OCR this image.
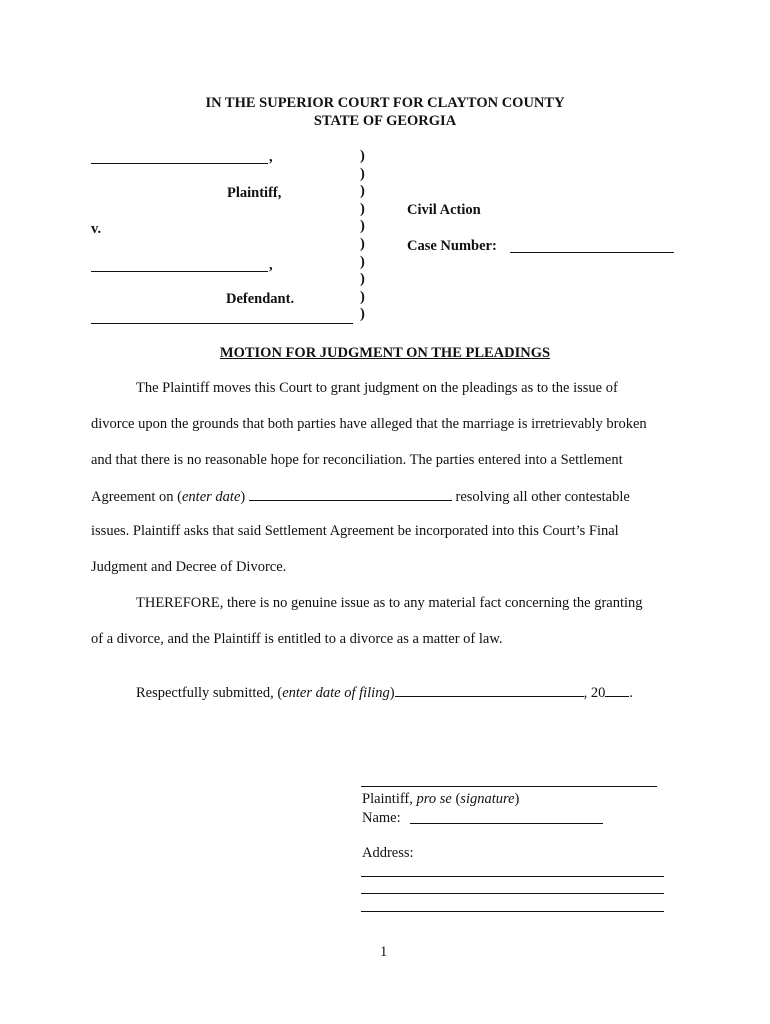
IN THE SUPERIOR COURT FOR CLAYTON COUNTY
STATE OF GEORGIA
,
Plaintiff,
v.
,
Defendant.
)
)
)
)
)
)
)
)
)
)
Civil Action
Case Number:
MOTION FOR JUDGMENT ON THE PLEADINGS
The Plaintiff moves this Court to grant judgment on the pleadings as to the issue of
divorce upon the grounds that both parties have alleged that the marriage is irretrievably broken
and that there is no reasonable hope for reconciliation. The parties entered into a Settlement
Agreement on (enter date)	resolving all other contestable
issues. Plaintiff asks that said Settlement Agreement be incorporated into this Court’s Final
Judgment and Decree of Divorce.
THEREFORE, there is no genuine issue as to any material fact concerning the granting
of a divorce, and the Plaintiff is entitled to a divorce as a matter of law.
Respectfully submitted, (enter date of filing)	, 20 .
Plaintiff, pro se (signature)
Name:
Address:
1
